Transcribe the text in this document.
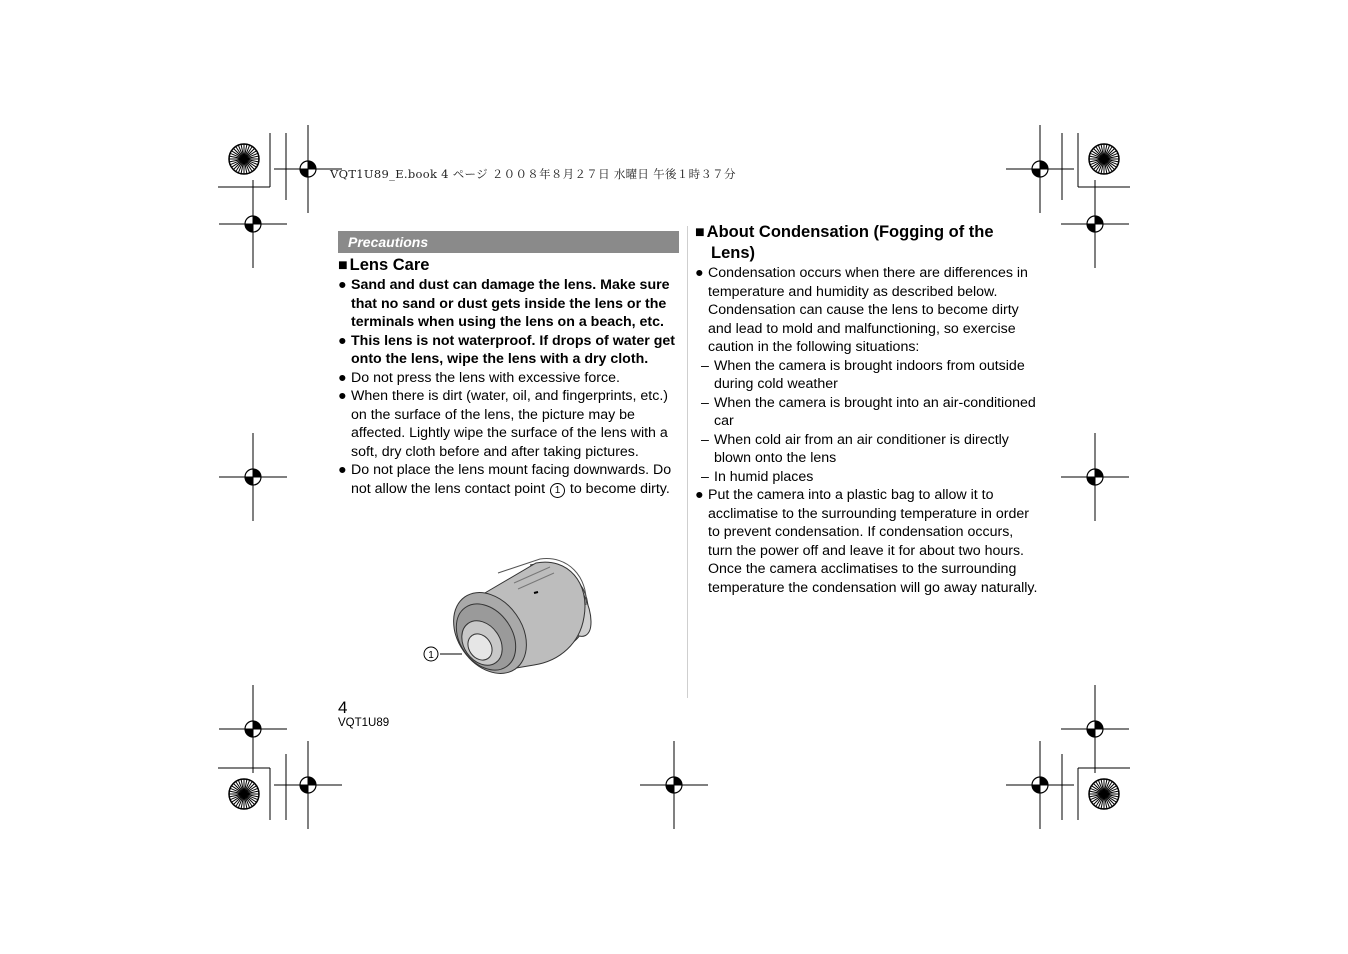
VQT1U89_E.book 4 ページ ２００８年８月２７日 水曜日 午後１時３７分
Precautions
■ Lens Care
● Sand and dust can damage the lens. Make sure that no sand or dust gets inside the lens or the terminals when using the lens on a beach, etc.
● This lens is not waterproof. If drops of water get onto the lens, wipe the lens with a dry cloth.
● Do not press the lens with excessive force.
● When there is dirt (water, oil, and fingerprints, etc.) on the surface of the lens, the picture may be affected. Lightly wipe the surface of the lens with a soft, dry cloth before and after taking pictures.
● Do not place the lens mount facing downwards. Do not allow the lens contact point 1 to become dirty.
1
■ About Condensation (Fogging of the
Lens)
● Condensation occurs when there are differences in temperature and humidity as described below. Condensation can cause the lens to become dirty and lead to mold and malfunctioning, so exercise caution in the following situations:
– When the camera is brought indoors from outside during cold weather
– When the camera is brought into an air-conditioned car
– When cold air from an air conditioner is directly blown onto the lens
– In humid places
● Put the camera into a plastic bag to allow it to acclimatise to the surrounding temperature in order to prevent condensation. If condensation occurs, turn the power off and leave it for about two hours. Once the camera acclimatises to the surrounding temperature the condensation will go away naturally.
4
VQT1U89
